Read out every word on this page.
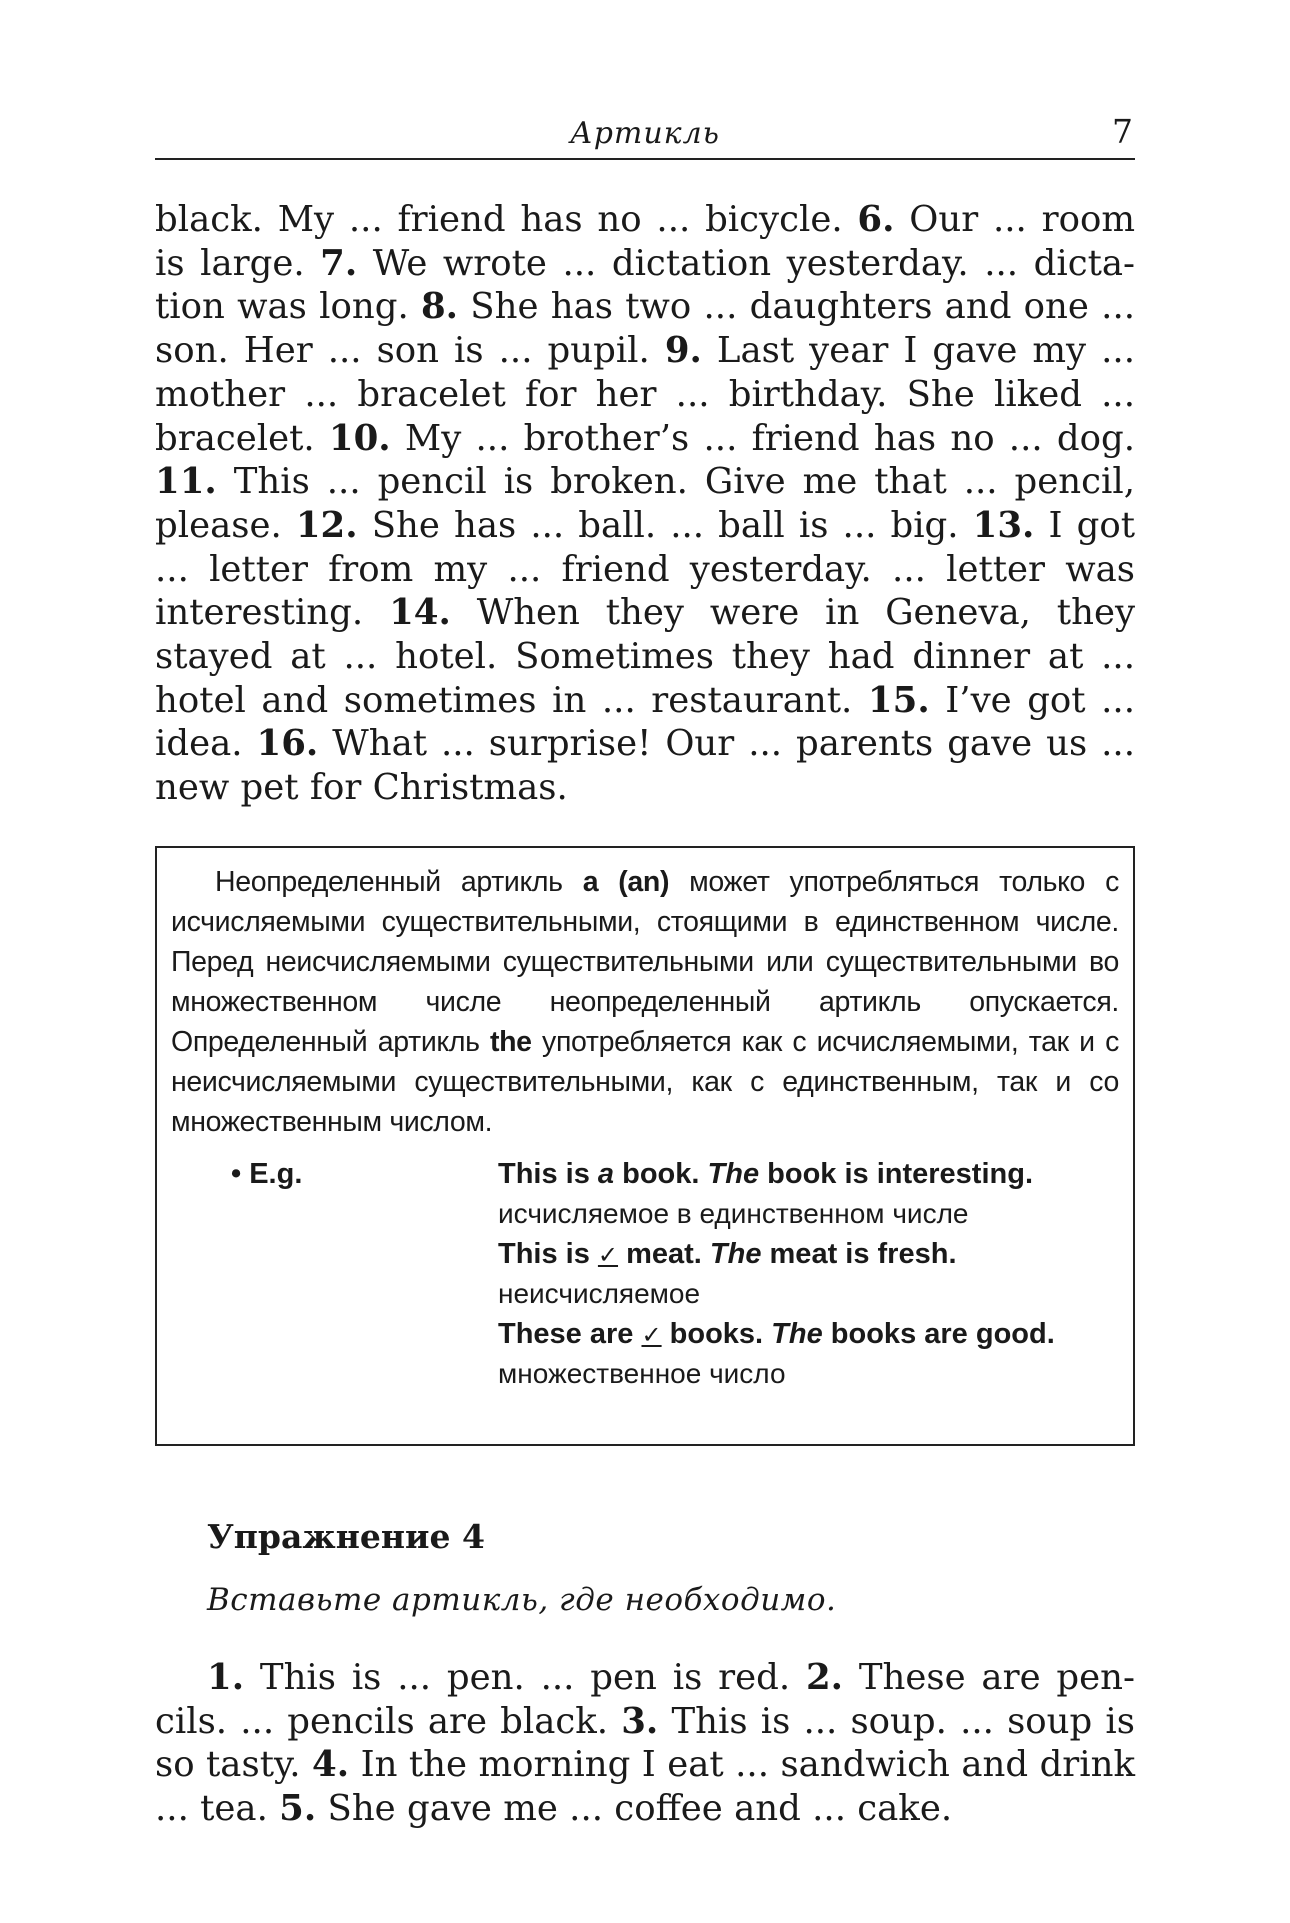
Артикль	7
black. My ... friend has no ... bicycle. 6. Our ... room is large. 7. We wrote ... dictation yesterday. ... dictation was long. 8. She has two ... daughters and one ... son. Her ... son is ... pupil. 9. Last year I gave my ... mother ... bracelet for her ... birthday. She liked ... bracelet. 10. My ... brother’s ... friend has no ... dog. 11. This ... pencil is broken. Give me that ... pencil, please. 12. She has ... ball. ... ball is ... big. 13. I got ... letter from my ... friend yesterday. ... letter was interesting. 14. When they were in Geneva, they stayed at ... hotel. Sometimes they had dinner at ... hotel and sometimes in ... restaurant. 15. I’ve got ... idea. 16. What ... surprise! Our ... parents gave us ... new pet for Christmas.
Неопределенный артикль a (an) может употребляться только с исчисляемыми существительными, стоящими в единственном числе. Перед неисчисляемыми существительными или существительными во множественном числе неопределенный артикль опускается. Определенный артикль the употребляется как с исчисляемыми, так и с неисчисляемыми существительными, как с единственным, так и со множественным числом.
• E.g.	This is a book. The book is interesting.
исчисляемое в единственном числе
This is ✓ meat. The meat is fresh.
неисчисляемое
These are ✓ books. The books are good.
множественное число
Упражнение 4
Вставьте артикль, где необходимо.
1. This is ... pen. ... pen is red. 2. These are pencils. ... pencils are black. 3. This is ... soup. ... soup is so tasty. 4. In the morning I eat ... sandwich and drink ... tea. 5. She gave me ... coffee and ... cake.
